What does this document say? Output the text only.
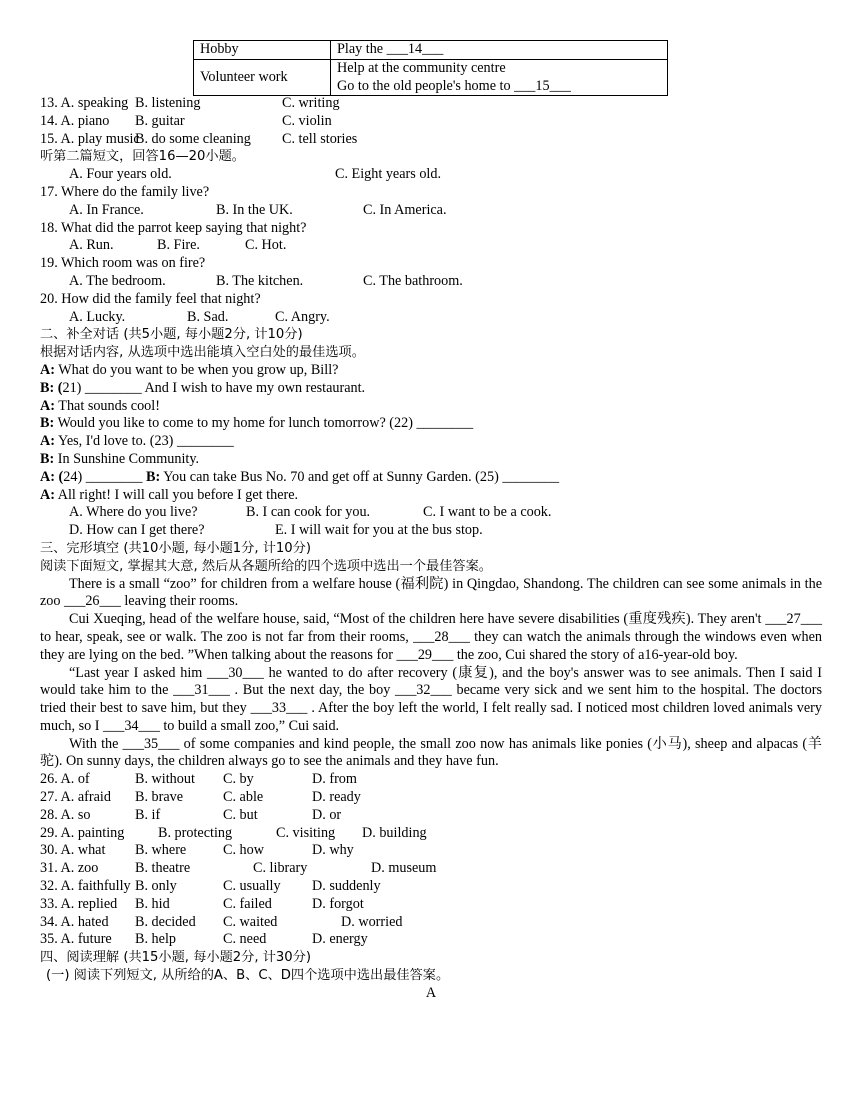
Hobby	Play the ___14___
Volunteer work	Help at the community centre
Go to the old people's home to ___15___
13. A. speaking B. listening	C. writing
14. A. piano B. guitar	C. violin
15. A. play musicB. do some cleaning C. tell stories
听第二篇短文，回答16—20小题。
A. Four years old.	C. Eight years old.
17. Where do the family live?
A. In France.	B. In the UK.	C. In America.
18. What did the parrot keep saying that night?
A. Run.	B. Fire.	C. Hot.
19. Which room was on fire?
A. The bedroom.	B. The kitchen.	C. The bathroom.
20. How did the family feel that night?
A. Lucky.	B. Sad.	C. Angry.
二、补全对话 (共5小题, 每小题2分, 计10分)
根据对话内容, 从选项中选出能填入空白处的最佳选项。
A: What do you want to be when you grow up, Bill?
B: (21) ________ And I wish to have my own restaurant.
A: That sounds cool!
B: Would you like to come to my home for lunch tomorrow? (22) ________
A: Yes, I'd love to. (23) ________
B: In Sunshine Community.
A: (24) ________ B: You can take Bus No. 70 and get off at Sunny Garden. (25) ________
A: All right! I will call you before I get there.
A. Where do you live?	B. I can cook for you.	C. I want to be a cook.
D. How can I get there?	E. I will wait for you at the bus stop.
三、完形填空 (共10小题, 每小题1分, 计10分)
阅读下面短文, 掌握其大意, 然后从各题所给的四个选项中选出一个最佳答案。
There is a small “zoo” for children from a welfare house (福利院) in Qingdao, Shandong. The children can see some animals in the zoo ___26___ leaving their rooms.
Cui Xueqing, head of the welfare house, said, “Most of the children here have severe disabilities (重度残疾). They aren't ___27___ to hear, speak, see or walk. The zoo is not far from their rooms, ___28___ they can watch the animals through the windows even when they are lying on the bed. ”When talking about the reasons for ___29___ the zoo, Cui shared the story of a16-year-old boy.
“Last year I asked him ___30___ he wanted to do after recovery (康复), and the boy's answer was to see animals. Then I said I would take him to the ___31___ . But the next day, the boy ___32___ became very sick and we sent him to the hospital. The doctors tried their best to save him, but they ___33___ . After the boy left the world, I felt really sad. I noticed most children loved animals very much, so I ___34___ to build a small zoo,” Cui said.
With the ___35___ of some companies and kind people, the small zoo now has animals like ponies (小马), sheep and alpacas (羊驼). On sunny days, the children always go to see the animals and they have fun.
26. A. of	B. without C. by	D. from
27. A. afraid B. brave	C. able	D. ready
28. A. so	B. if	C. but	D. or
29. A. painting B. protecting	C. visiting D. building
30. A. what B. where	C. how	D. why
31. A. zoo	B. theatre	C. library	D. museum
32. A. faithfully B. only	C. usually D. suddenly
33. A. replied B. hid	C. failed	D. forgot
34. A. hated B. decided C. waited	D. worried
35. A. future B. help	C. need	D. energy
四、阅读理解 (共15小题, 每小题2分, 计30分)
(一) 阅读下列短文, 从所给的A、B、C、D四个选项中选出最佳答案。
A
